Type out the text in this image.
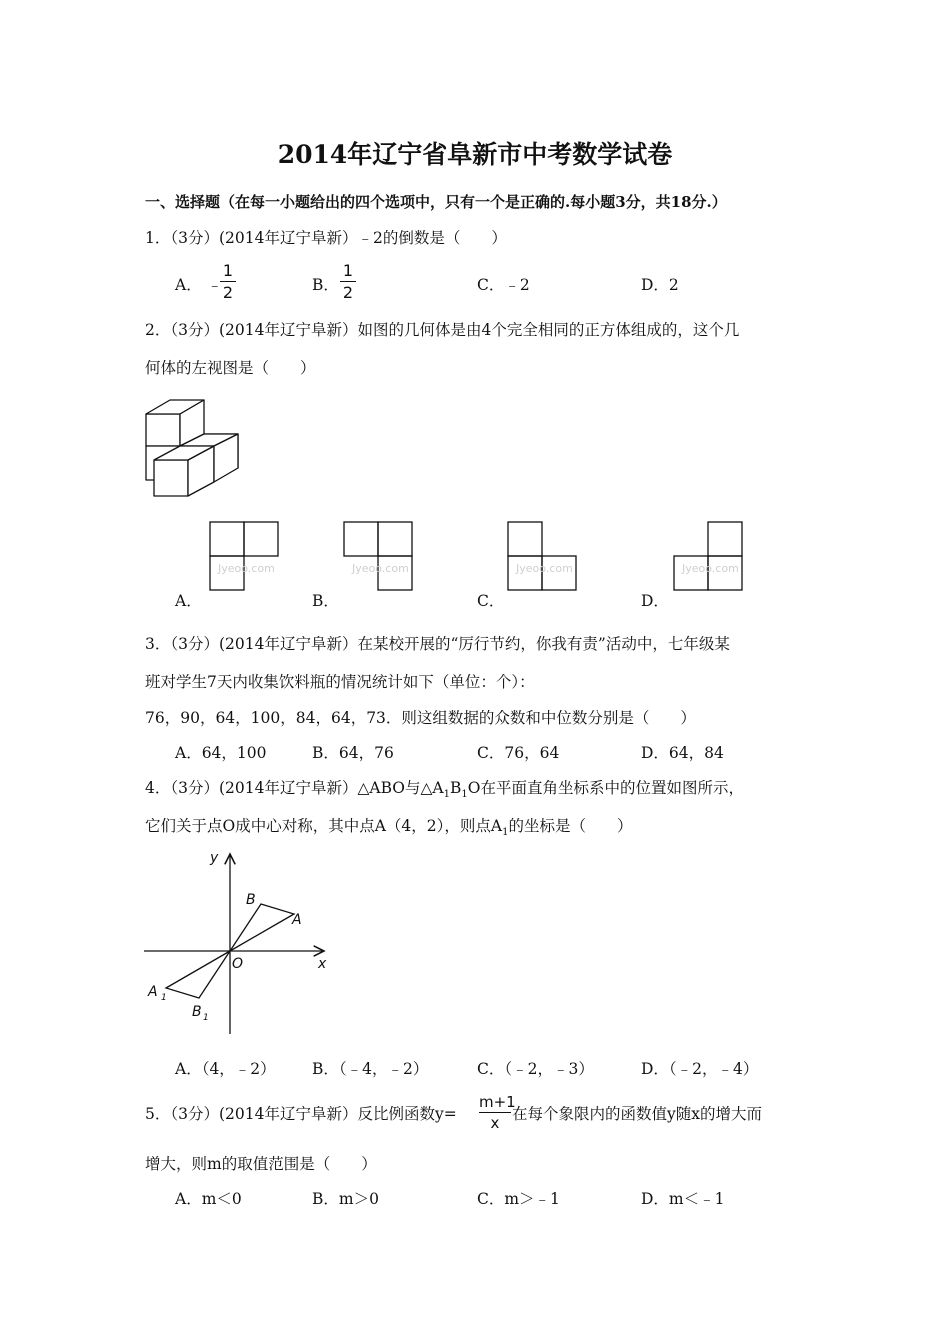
2014年辽宁省阜新市中考数学试卷
一、选择题（在每一小题给出的四个选项中，只有一个是正确的.每小题3分，共18分.）
1．（3分）(2014年辽宁阜新）﹣2的倒数是（　　）
A． ﹣
1
2	B．
1
2	C．﹣2	D．2
2．（3分）(2014年辽宁阜新）如图的几何体是由4个完全相同的正方体组成的，这个几
何体的左视图是（　　）
A．
Jyeoo.com
B．
Jyeoo.com
C．
Jyeoo.com
D．
Jyeoo.com
3．（3分）(2014年辽宁阜新）在某校开展的“厉行节约，你我有责”活动中，七年级某
班对学生7天内收集饮料瓶的情况统计如下（单位：个）：
76，90，64，100，84，64，73．则这组数据的众数和中位数分别是（　　）
A．64，100	B．64，76	C．76，64	D．64，84
4．（3分）(2014年辽宁阜新）△ABO与$\triangle A_1B_1O$在平面直角坐标系中的位置如图所示，
它们关于点O成中心对称，其中点A（4，2），则点$A_1$的坐标是（　　）
y
x
O
B
A
A 1
B 1
A．（4，﹣2） B．（﹣4，﹣2）	C．（﹣2，﹣3）	D．（﹣2，﹣4）
5．（3分）(2014年辽宁阜新）反比例函数y=
m+1
x 在每个象限内的函数值y随x的增大而
增大，则m的取值范围是（　　）
A．m＜0	B．m＞0	C．m＞﹣1	D．m＜﹣1
